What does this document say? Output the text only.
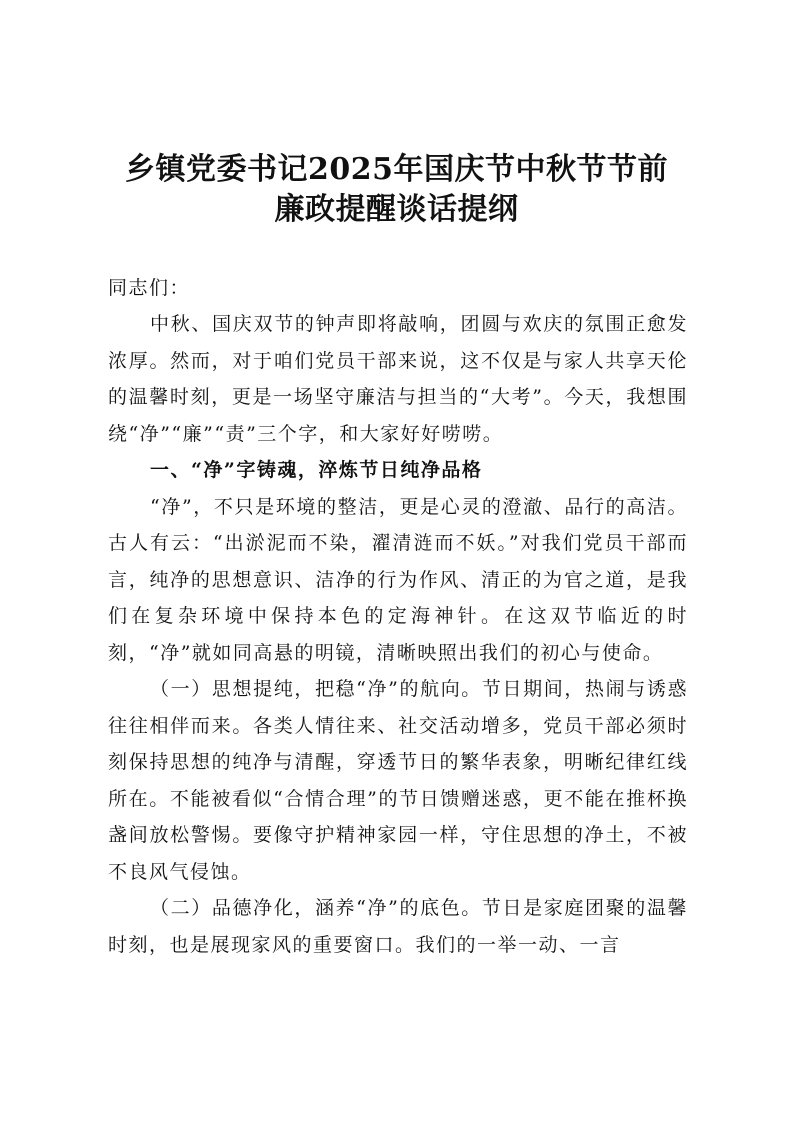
乡镇党委书记2025年国庆节中秋节节前
廉政提醒谈话提纲
同志们：

中秋、国庆双节的钟声即将敲响，团圆与欢庆的氛围正愈发浓厚。然而，对于咱们党员干部来说，这不仅是与家人共享天伦的温馨时刻，更是一场坚守廉洁与担当的“大考”。今天，我想围绕“净”“廉”“责”三个字，和大家好好唠唠。

一、“净”字铸魂，淬炼节日纯净品格

“净”，不只是环境的整洁，更是心灵的澄澈、品行的高洁。古人有云：“出淤泥而不染，濯清涟而不妖。”对我们党员干部而言，纯净的思想意识、洁净的行为作风、清正的为官之道，是我们在复杂环境中保持本色的定海神针。在这双节临近的时刻，“净”就如同高悬的明镜，清晰映照出我们的初心与使命。

（一）思想提纯，把稳“净”的航向。节日期间，热闹与诱惑往往相伴而来。各类人情往来、社交活动增多，党员干部必须时刻保持思想的纯净与清醒，穿透节日的繁华表象，明晰纪律红线所在。不能被看似“合情合理”的节日馈赠迷惑，更不能在推杯换盏间放松警惕。要像守护精神家园一样，守住思想的净土，不被不良风气侵蚀。

（二）品德净化，涵养“净”的底色。节日是家庭团聚的温馨时刻，也是展现家风的重要窗口。我们的一举一动、一言
